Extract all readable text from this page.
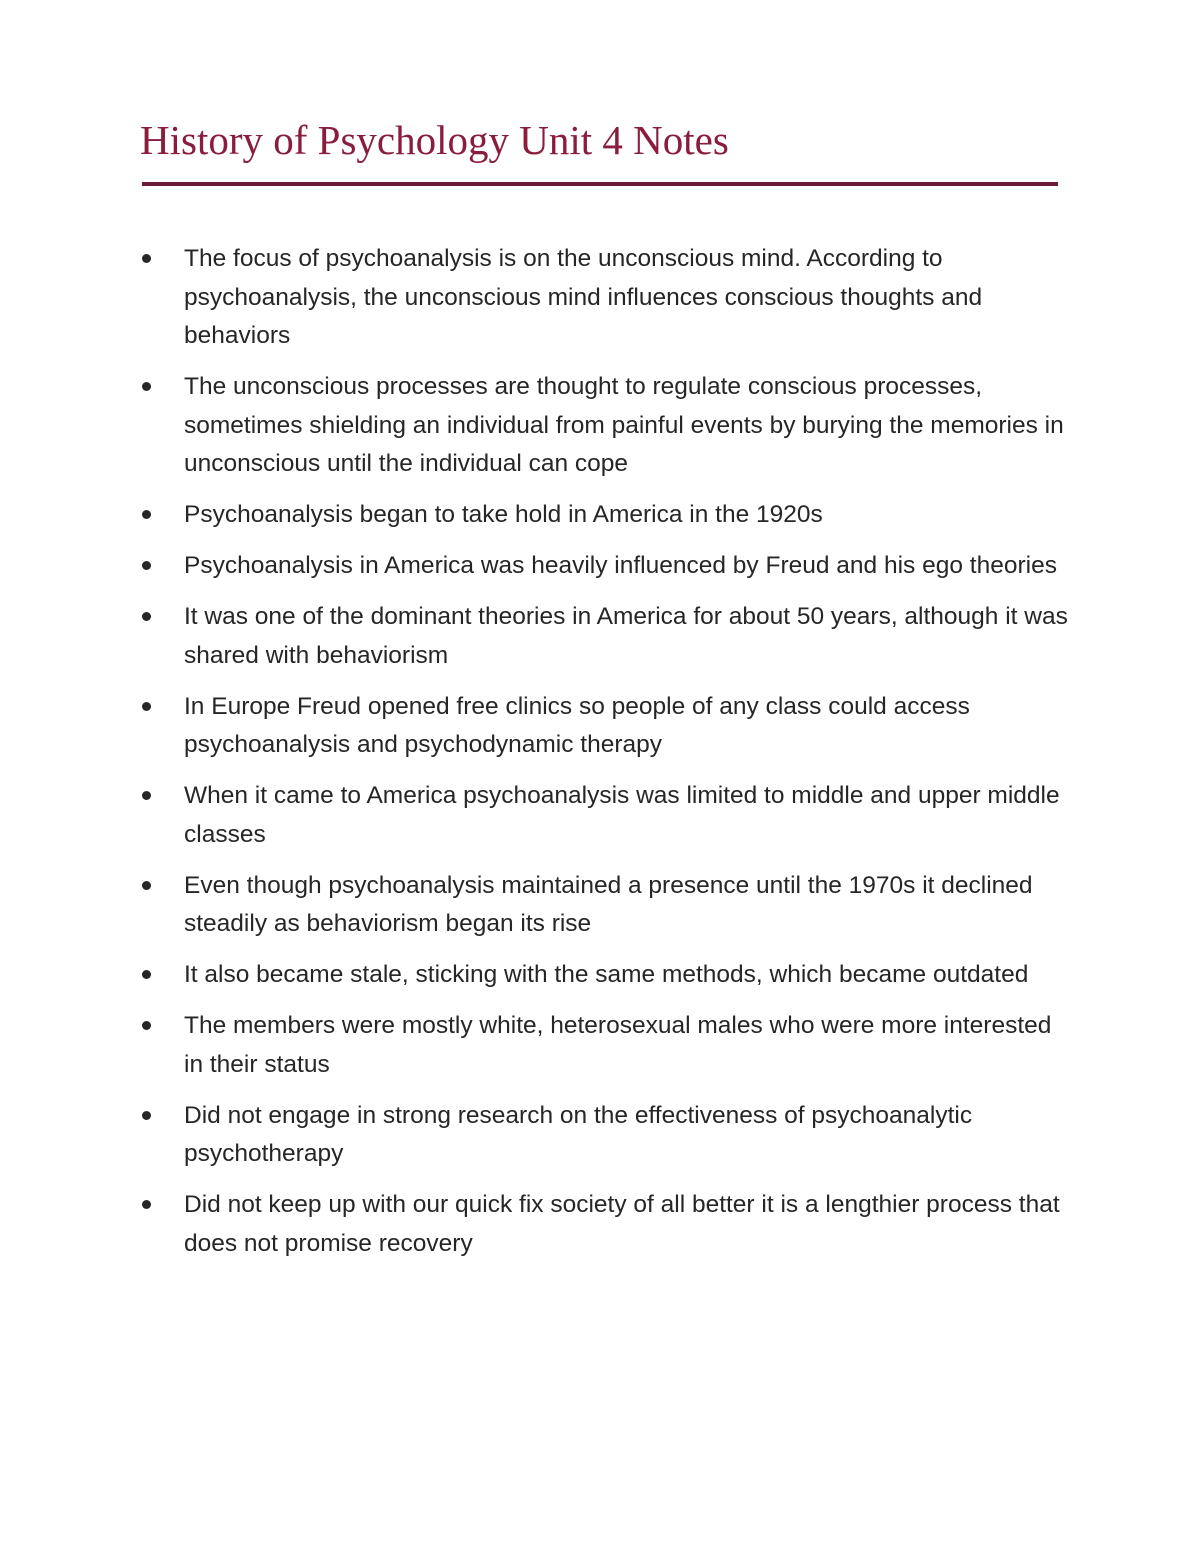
History of Psychology Unit 4 Notes
The focus of psychoanalysis is on the unconscious mind. According to psychoanalysis, the unconscious mind influences conscious thoughts and behaviors
The unconscious processes are thought to regulate conscious processes, sometimes shielding an individual from painful events by burying the memories in unconscious until the individual can cope
Psychoanalysis began to take hold in America in the 1920s
Psychoanalysis in America was heavily influenced by Freud and his ego theories
It was one of the dominant theories in America for about 50 years, although it was shared with behaviorism
In Europe Freud opened free clinics so people of any class could access psychoanalysis and psychodynamic therapy
When it came to America psychoanalysis was limited to middle and upper middle classes
Even though psychoanalysis maintained a presence until the 1970s it declined steadily as behaviorism began its rise
It also became stale, sticking with the same methods, which became outdated
The members were mostly white, heterosexual males who were more interested in their status
Did not engage in strong research on the effectiveness of psychoanalytic psychotherapy
Did not keep up with our quick fix society of all better it is a lengthier process that does not promise recovery
